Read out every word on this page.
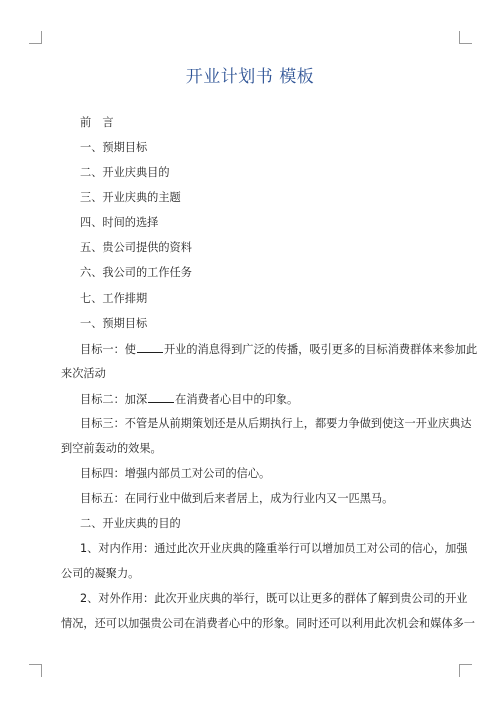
开业计划书 模板
前　言
一、预期目标
二、开业庆典目的
三、开业庆典的主题
四、时间的选择
五、贵公司提供的资料
六、我公司的工作任务
七、工作排期
一、预期目标
目标一：使	开业的消息得到广泛的传播，吸引更多的目标消费群体来参加此
来次活动
目标二：加深	在消费者心目中的印象。
目标三：不管是从前期策划还是从后期执行上，都要力争做到使这一开业庆典达
到空前轰动的效果。
目标四：增强内部员工对公司的信心。
目标五：在同行业中做到后来者居上，成为行业内又一匹黑马。
二、开业庆典的目的
1、对内作用：通过此次开业庆典的隆重举行可以增加员工对公司的信心，加强
公司的凝聚力。
2、对外作用：此次开业庆典的举行，既可以让更多的群体了解到贵公司的开业
情况，还可以加强贵公司在消费者心中的形象。同时还可以利用此次机会和媒体多一
